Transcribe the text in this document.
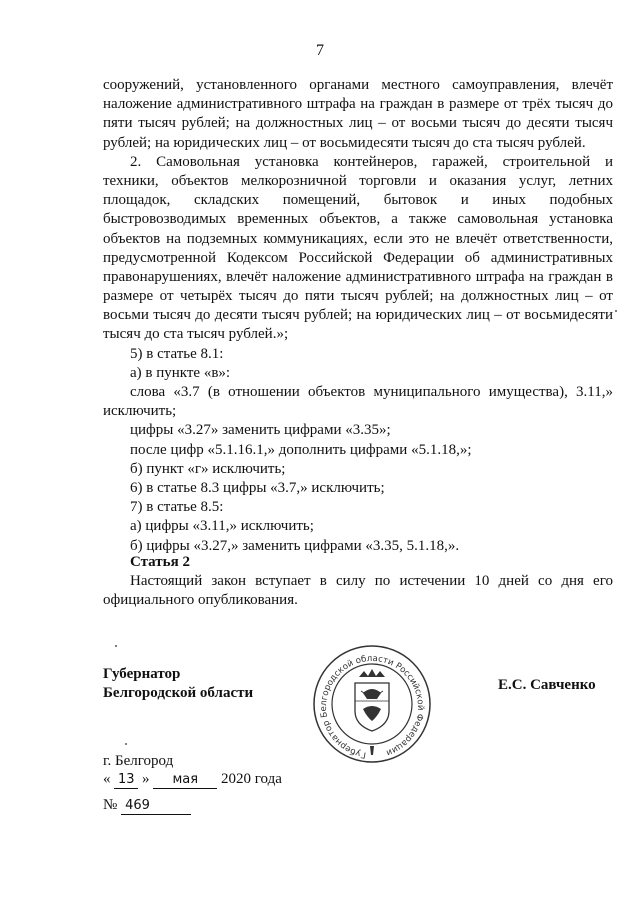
7
сооружений, установленного органами местного самоуправления, влечёт
наложение административного штрафа на граждан в размере от трёх тысяч до
пяти тысяч рублей; на должностных лиц – от восьми тысяч до десяти тысяч
рублей; на юридических лиц – от восьмидесяти тысяч до ста тысяч рублей.
2. Самовольная установка контейнеров, гаражей, строительной и
техники, объектов мелкорозничной торговли и оказания услуг, летних
площадок, складских помещений, бытовок и иных подобных
быстровозводимых временных объектов, а также самовольная установка
объектов на подземных коммуникациях, если это не влечёт ответственности,
предусмотренной Кодексом Российской Федерации об административных
правонарушениях, влечёт наложение административного штрафа на граждан в
размере от четырёх тысяч до пяти тысяч рублей; на должностных лиц – от
восьми тысяч до десяти тысяч рублей; на юридических лиц – от восьмидесяти
тысяч до ста тысяч рублей.»;
5) в статье 8.1:
а) в пункте «в»:
слова «3.7 (в отношении объектов муниципального имущества), 3.11,»
исключить;
цифры «3.27» заменить цифрами «3.35»;
после цифр «5.1.16.1,» дополнить цифрами «5.1.18,»;
б) пункт «г» исключить;
6) в статье 8.3 цифры «3.7,» исключить;
7) в статье 8.5:
а) цифры «3.11,» исключить;
б) цифры «3.27,» заменить цифрами «3.35, 5.1.18,».
Статья 2
Настоящий закон вступает в силу по истечении 10 дней со дня его
официального опубликования.
Губернатор
Белгородской области
Губернатор Белгородской области Российской Федерации
Е.С. Савченко
г. Белгород
« 13 » мая 2020 года
№ 469
